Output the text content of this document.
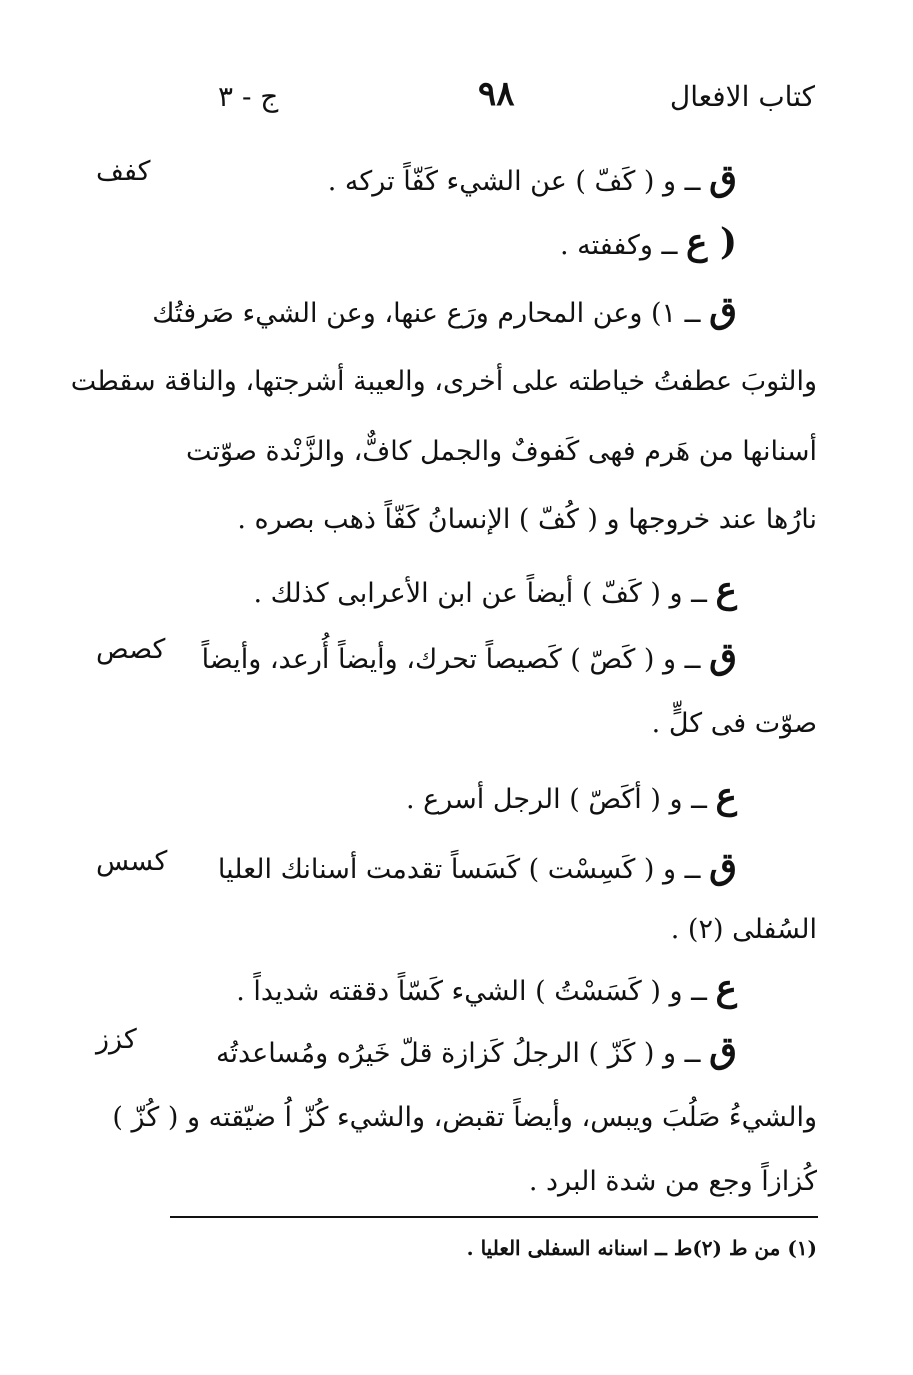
كتاب الافعال
٩٨
ج - ٣
كفف
كصص
كسس
كزز
ق ــ و ( كَفّ ) عن الشيء كَفّاً تركه .
( ع ــ وكففته .
ق ــ ١) وعن المحارم ورَع عنها، وعن الشيء صَرفتُك
والثوبَ عطفتُ خياطته على أخرى، والعيبة أشرجتها، والناقة سقطت
أسنانها من هَرم فهى كَفوفٌ والجمل كافٌّ، والزَّنْدة صوّتت
نارُها عند خروجها و ( كُفّ ) الإنسانُ كَفّاً ذهب بصره .
ع ــ و ( كَفّ ) أيضاً عن ابن الأعرابى كذلك .
ق ــ و ( كَصّ ) كَصيصاً تحرك، وأيضاً أُرعد، وأيضاً
صوّت فى كلٍّ .
ع ــ و ( أكَصّ ) الرجل أسرع .
ق ــ و ( كَسِسْت ) كَسَساً تقدمت أسنانك العليا
السُفلى (٢) .
ع ــ و ( كَسَسْتُ ) الشيء كَسّاً دققته شديداً .
ق ــ و ( كَزّ ) الرجلُ كَزازة قلّ خَيرُه ومُساعدتُه
والشيءُ صَلُبَ ويبس، وأيضاً تقبض، والشيء كُزّ اُ ضيّقته و ( كُزّ )
كُزازاً وجع من شدة البرد .
(١) من ط (٢)ط ــ اسنانه السفلى العليا .
